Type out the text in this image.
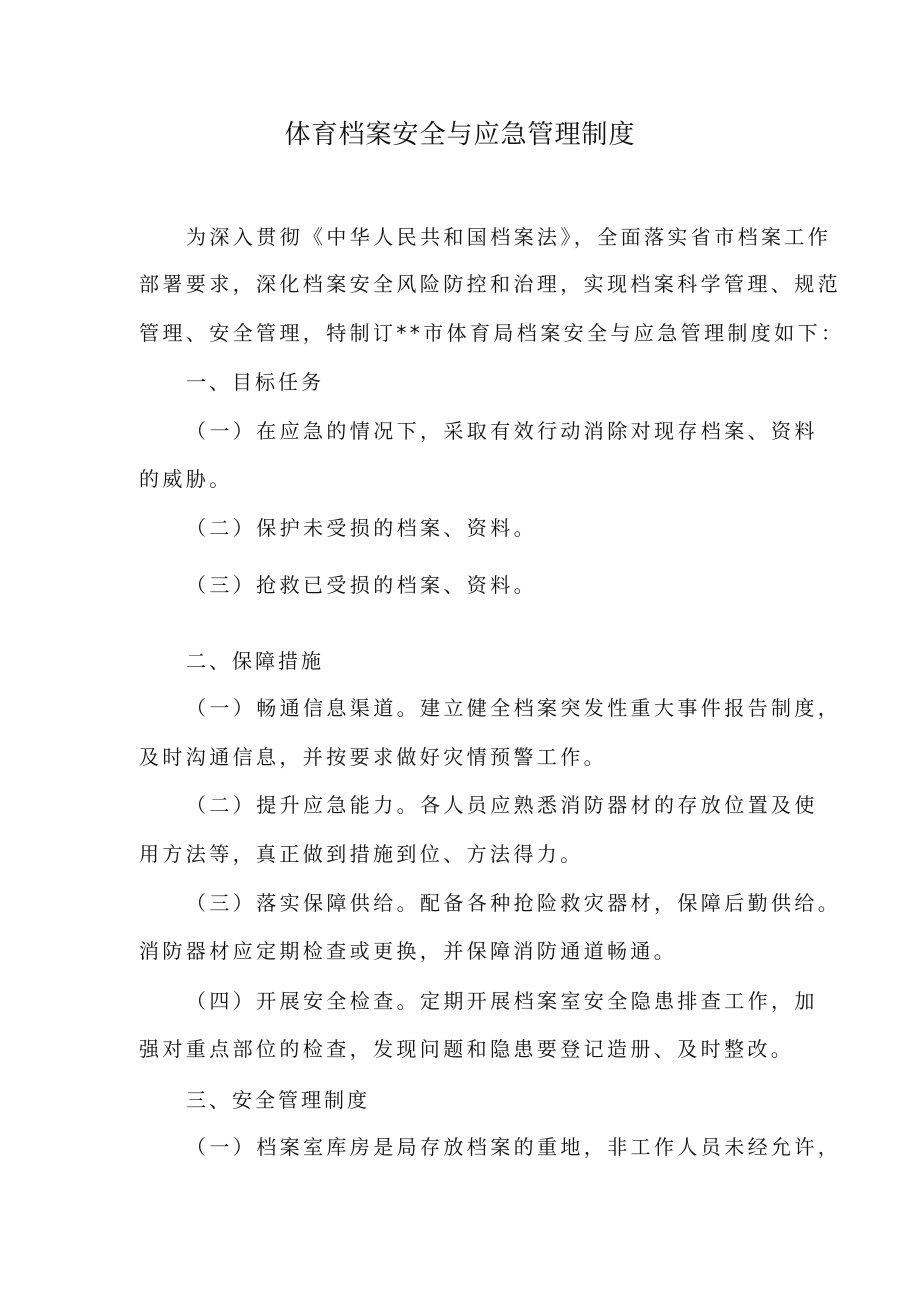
体育档案安全与应急管理制度
为深入贯彻《中华人民共和国档案法》，全面落实省市档案工作
部署要求，深化档案安全风险防控和治理，实现档案科学管理、规范
管理、安全管理，特制订**市体育局档案安全与应急管理制度如下：
一、目标任务
（一）在应急的情况下，采取有效行动消除对现存档案、资料
的威胁。
（二）保护未受损的档案、资料。
（三）抢救已受损的档案、资料。
二、保障措施
（一）畅通信息渠道。建立健全档案突发性重大事件报告制度，
及时沟通信息，并按要求做好灾情预警工作。
（二）提升应急能力。各人员应熟悉消防器材的存放位置及使
用方法等，真正做到措施到位、方法得力。
（三）落实保障供给。配备各种抢险救灾器材，保障后勤供给。
消防器材应定期检查或更换，并保障消防通道畅通。
（四）开展安全检查。定期开展档案室安全隐患排查工作，加
强对重点部位的检查，发现问题和隐患要登记造册、及时整改。
三、安全管理制度
（一）档案室库房是局存放档案的重地，非工作人员未经允许，
